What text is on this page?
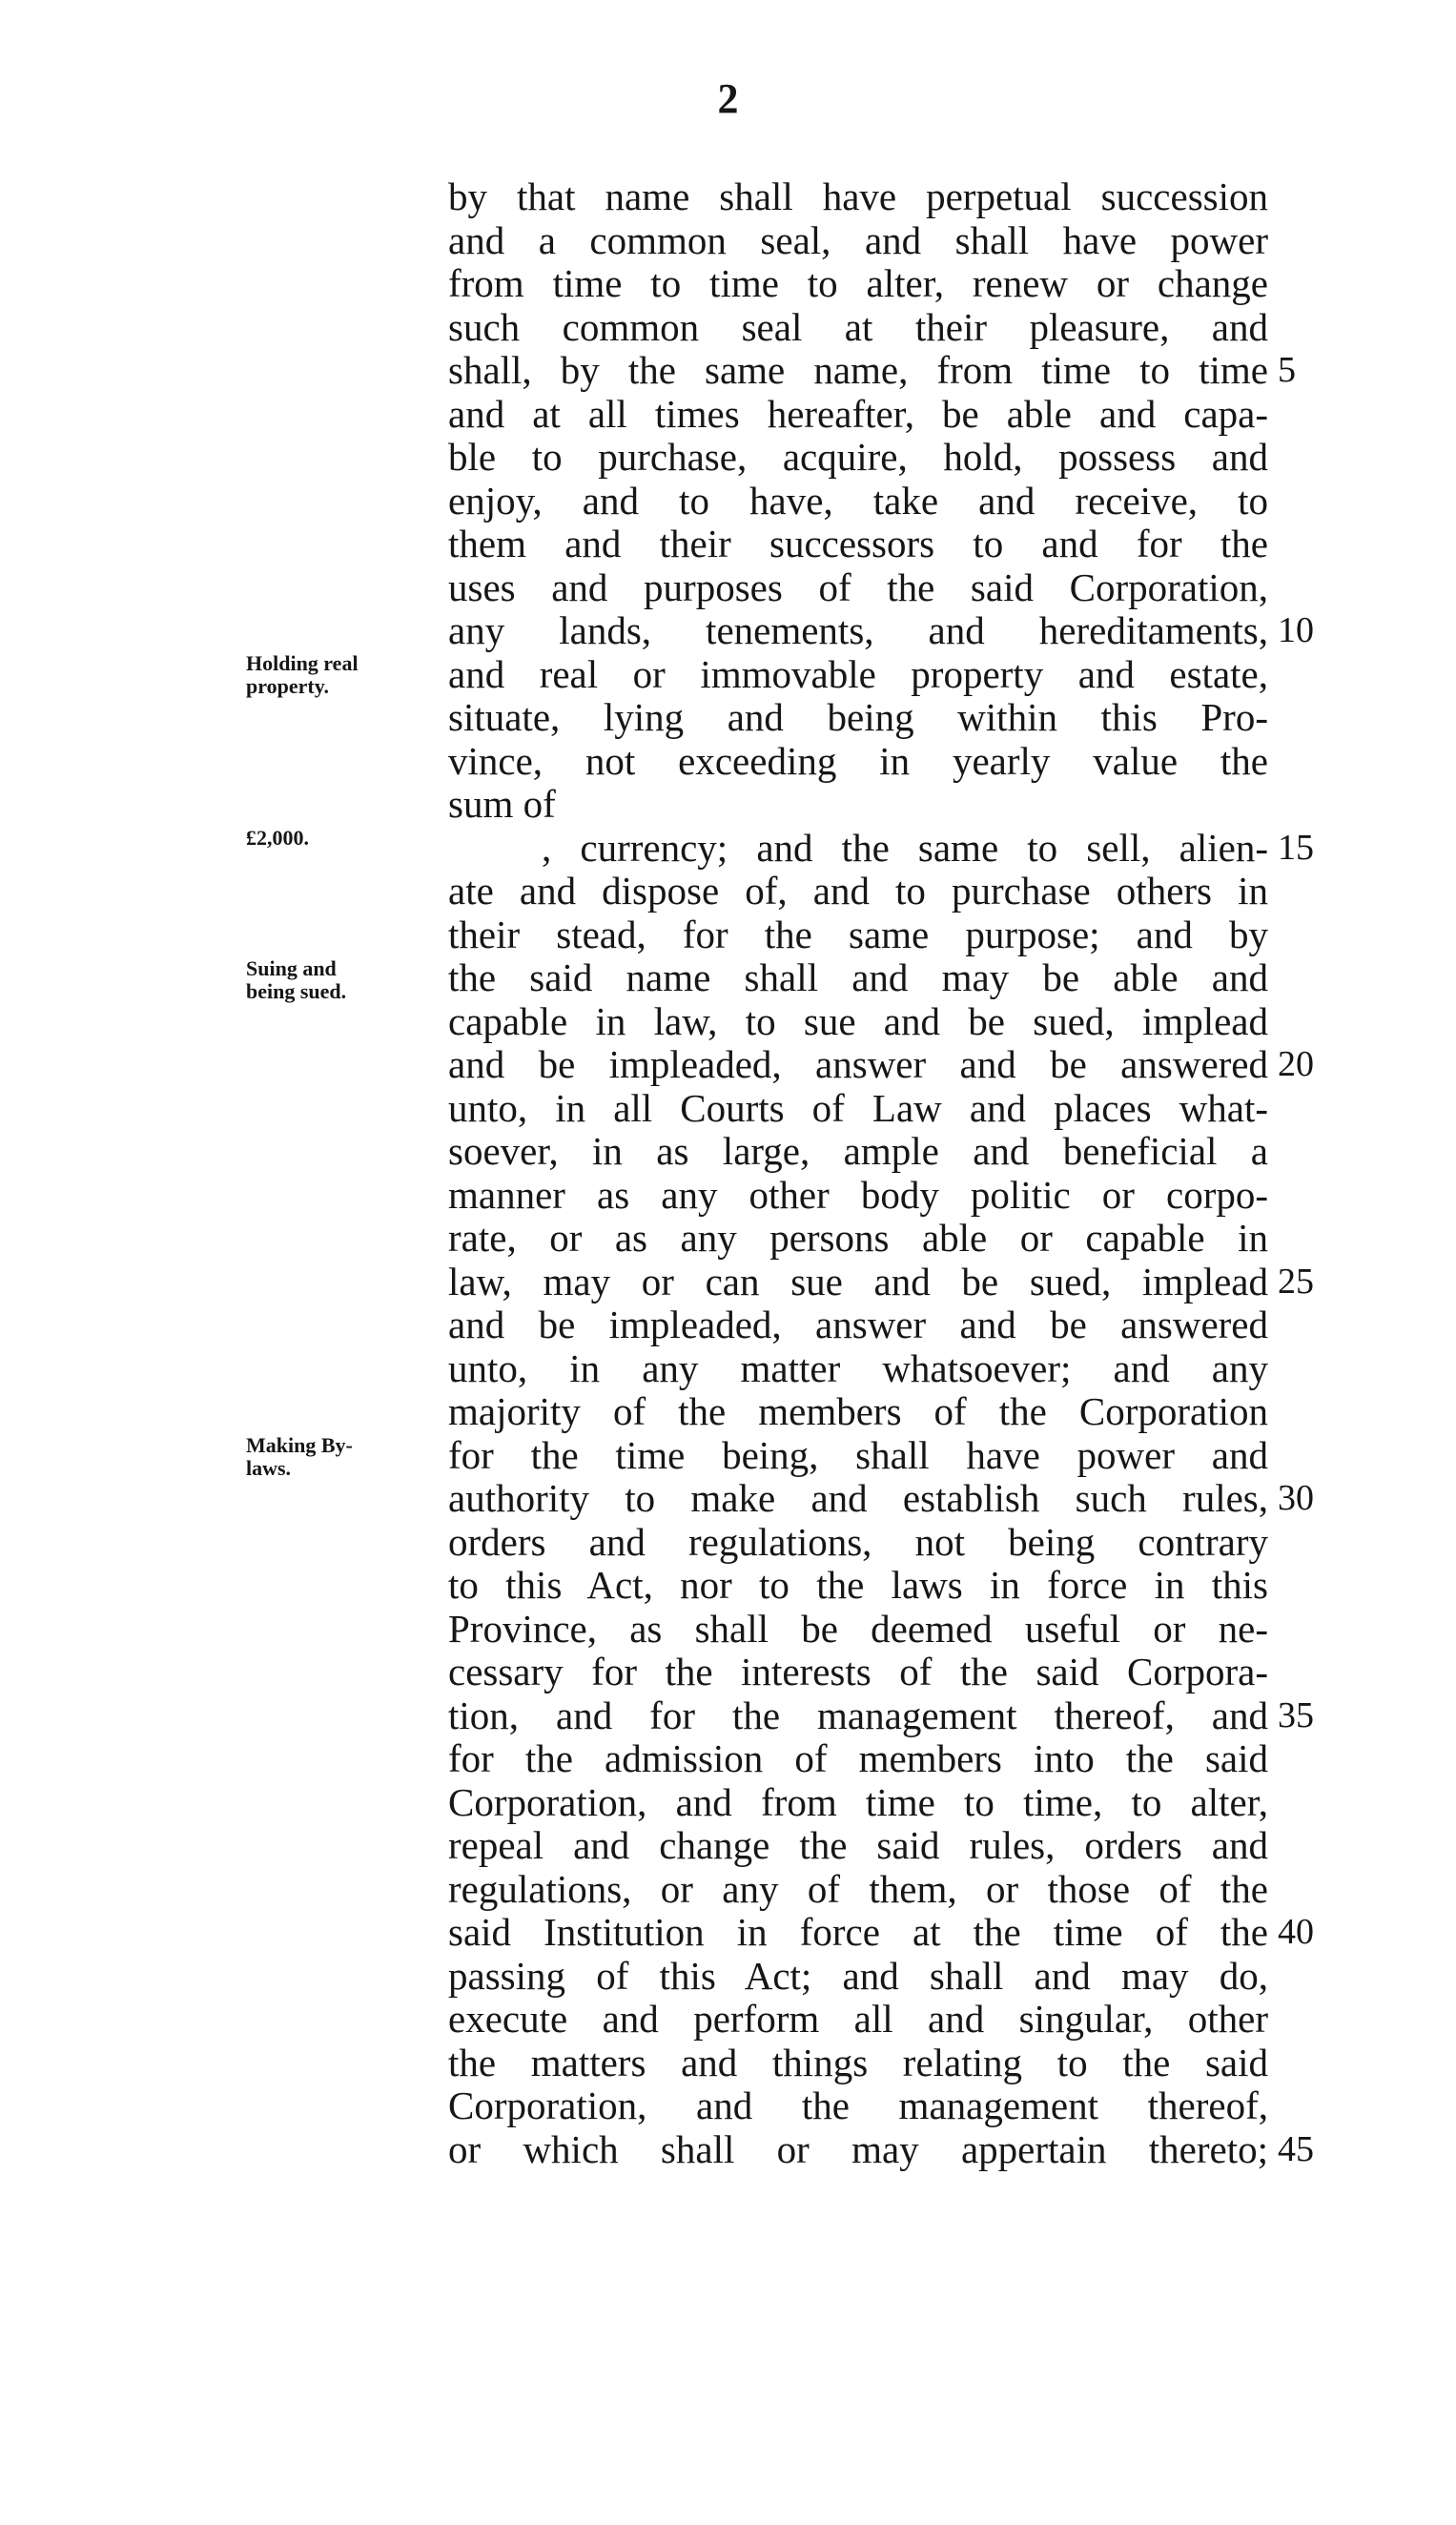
2
Holding real
property.
£2,000.
Suing and
being sued.
Making By-
laws.
by that name shall have perpetual succession
and a common seal, and shall have power
from time to time to alter, renew or change
such common seal at their pleasure, and
shall, by the same name, from time to time
and at all times hereafter, be able and capa-
ble to purchase, acquire, hold, possess and
enjoy, and to have, take and receive, to
them and their successors to and for the
uses and purposes of the said Corporation,
any lands, tenements, and hereditaments,
and real or immovable property and estate,
situate, lying and being within this Pro-
vince, not exceeding in yearly value the
sum of
, currency; and the same to sell, alien-
ate and dispose of, and to purchase others in
their stead, for the same purpose; and by
the said name shall and may be able and
capable in law, to sue and be sued, implead
and be impleaded, answer and be answered
unto, in all Courts of Law and places what-
soever, in as large, ample and beneficial a
manner as any other body politic or corpo-
rate, or as any persons able or capable in
law, may or can sue and be sued, implead
and be impleaded, answer and be answered
unto, in any matter whatsoever; and any
majority of the members of the Corporation
for the time being, shall have power and
authority to make and establish such rules,
orders and regulations, not being contrary
to this Act, nor to the laws in force in this
Province, as shall be deemed useful or ne-
cessary for the interests of the said Corpora-
tion, and for the management thereof, and
for the admission of members into the said
Corporation, and from time to time, to alter,
repeal and change the said rules, orders and
regulations, or any of them, or those of the
said Institution in force at the time of the
passing of this Act; and shall and may do,
execute and perform all and singular, other
the matters and things relating to the said
Corporation, and the management thereof,
or which shall or may appertain thereto;
5
10
15
20
25
30
35
40
45
